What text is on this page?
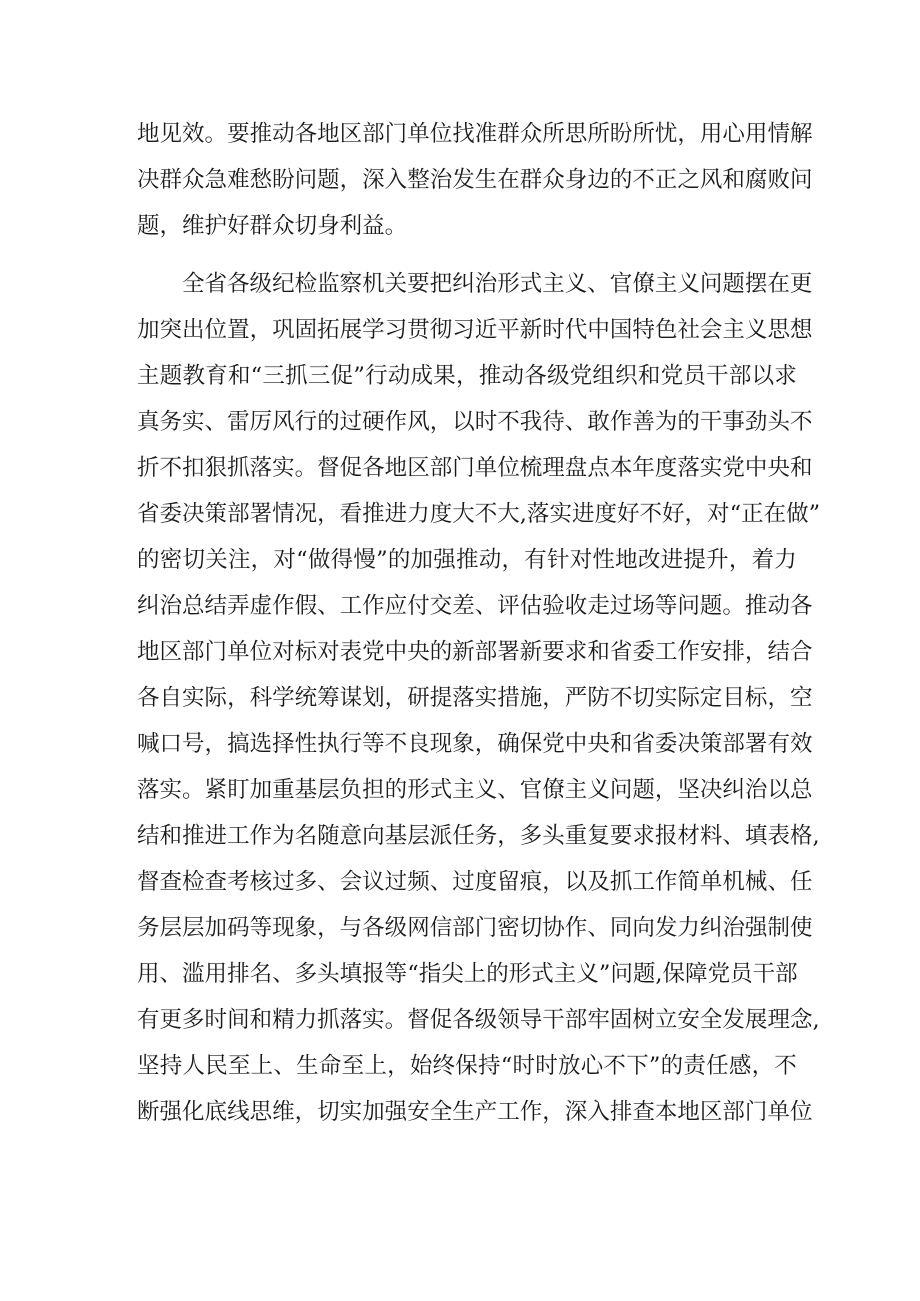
地 见 效 。 要 推 动 各 地 区 部 门 单 位 找 准 群 众 所 思 所 盼 所 忧 ， 用 心 用 情 解
决 群 众 急 难 愁 盼 问 题 ， 深 入 整 治 发 生 在 群 众 身 边 的 不 正 之 风 和 腐 败 问
题 ， 维 护 好 群 众 切 身 利 益 。
全 省 各 级 纪 检 监 察 机 关 要 把 纠 治 形 式 主 义 、 官 僚 主 义 问 题 摆 在 更
加 突 出 位 置 ， 巩 固 拓 展 学 习 贯 彻 习 近 平 新 时 代 中 国 特 色 社 会 主 义 思 想
主 题 教 育 和 “ 三 抓 三 促 ” 行 动 成 果 ， 推 动 各 级 党 组 织 和 党 员 干 部 以 求
真 务 实 、 雷 厉 风 行 的 过 硬 作 风 ， 以 时 不 我 待 、 敢 作 善 为 的 干 事 劲 头 不
折 不 扣 狠 抓 落 实 。 督 促 各 地 区 部 门 单 位 梳 理 盘 点 本 年 度 落 实 党 中 央 和
省 委 决 策 部 署 情 况 ， 看 推 进 力 度 大 不 大 , 落 实 进 度 好 不 好 ， 对 “ 正 在 做 ”
的 密 切 关 注 ， 对 “ 做 得 慢 ” 的 加 强 推 动 ， 有 针 对 性 地 改 进 提 升 ， 着 力
纠 治 总 结 弄 虚 作 假 、 工 作 应 付 交 差 、 评 估 验 收 走 过 场 等 问 题 。 推 动 各
地 区 部 门 单 位 对 标 对 表 党 中 央 的 新 部 署 新 要 求 和 省 委 工 作 安 排 ， 结 合
各 自 实 际 ， 科 学 统 筹 谋 划 ， 研 提 落 实 措 施 ， 严 防 不 切 实 际 定 目 标 ， 空
喊 口 号 ， 搞 选 择 性 执 行 等 不 良 现 象 ， 确 保 党 中 央 和 省 委 决 策 部 署 有 效
落 实 。 紧 盯 加 重 基 层 负 担 的 形 式 主 义 、 官 僚 主 义 问 题 ， 坚 决 纠 治 以 总
结 和 推 进 工 作 为 名 随 意 向 基 层 派 任 务 ， 多 头 重 复 要 求 报 材 料 、 填 表 格 ,
督 查 检 查 考 核 过 多 、 会 议 过 频 、 过 度 留 痕 ， 以 及 抓 工 作 简 单 机 械 、 任
务 层 层 加 码 等 现 象 ， 与 各 级 网 信 部 门 密 切 协 作 、 同 向 发 力 纠 治 强 制 使
用 、 滥 用 排 名 、 多 头 填 报 等 “ 指 尖 上 的 形 式 主 义 ” 问 题 , 保 障 党 员 干 部
有 更 多 时 间 和 精 力 抓 落 实 。 督 促 各 级 领 导 干 部 牢 固 树 立 安 全 发 展 理 念 ,
坚 持 人 民 至 上 、 生 命 至 上 ， 始 终 保 持 “ 时 时 放 心 不 下 ” 的 责 任 感 ， 不
断 强 化 底 线 思 维 ， 切 实 加 强 安 全 生 产 工 作 ， 深 入 排 查 本 地 区 部 门 单 位
